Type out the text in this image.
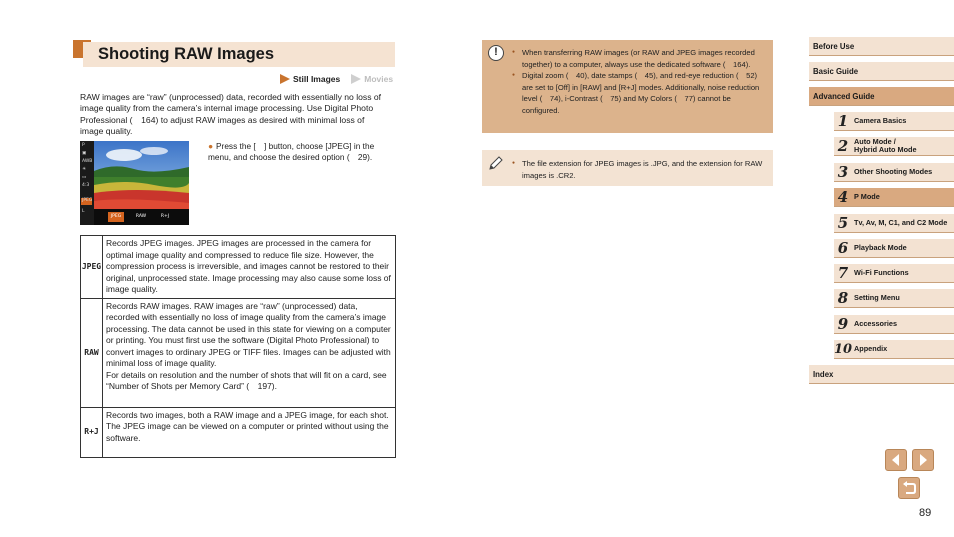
Shooting RAW Images
Still Images	Movies

RAW images are “raw” (unprocessed) data, recorded with essentially no loss of image quality from the camera’s internal image processing. Use Digital Photo Professional ( 164) to adjust RAW images as desired with minimal loss of image quality.

P
▣
AWB
☀
▭
4:3
JPEG
L
JPEG	RAW	R+J

● Press the [ ] button, choose [JPEG] in the menu, and choose the desired option ( 29).

JPEG	Records JPEG images. JPEG images are processed in the camera for optimal image quality and compressed to reduce file size. However, the compression process is irreversible, and images cannot be restored to their original, unprocessed state. Image processing may also cause some loss of image quality.
RAW	Records RAW images. RAW images are “raw” (unprocessed) data, recorded with essentially no loss of image quality from the camera’s image processing. The data cannot be used in this state for viewing on a computer or printing. You must first use the software (Digital Photo Professional) to convert images to ordinary JPEG or TIFF files. Images can be adjusted with minimal loss of image quality.
For details on resolution and the number of shots that will fit on a card, see “Number of Shots per Memory Card” ( 197).

R+J	Records two images, both a RAW image and a JPEG image, for each shot.
The JPEG image can be viewed on a computer or printed without using the software.
!	● When transferring RAW images (or RAW and JPEG images recorded together) to a computer, always use the dedicated software ( 164).
● Digital zoom ( 40), date stamps ( 45), and red-eye reduction ( 52) are set to [Off] in [RAW] and [R+J] modes. Additionally, noise reduction level ( 74), i-Contrast ( 75) and My Colors ( 77) cannot be configured.
● The file extension for JPEG images is .JPG, and the extension for RAW images is .CR2.
Before Use
Basic Guide
Advanced Guide
1 Camera Basics
2 Auto Mode /
Hybrid Auto Mode
3 Other Shooting Modes
4 P Mode
5 Tv, Av, M, C1, and C2 Mode
6 Playback Mode
7 Wi-Fi Functions
8 Setting Menu
9 Accessories
10 Appendix
Index
89
